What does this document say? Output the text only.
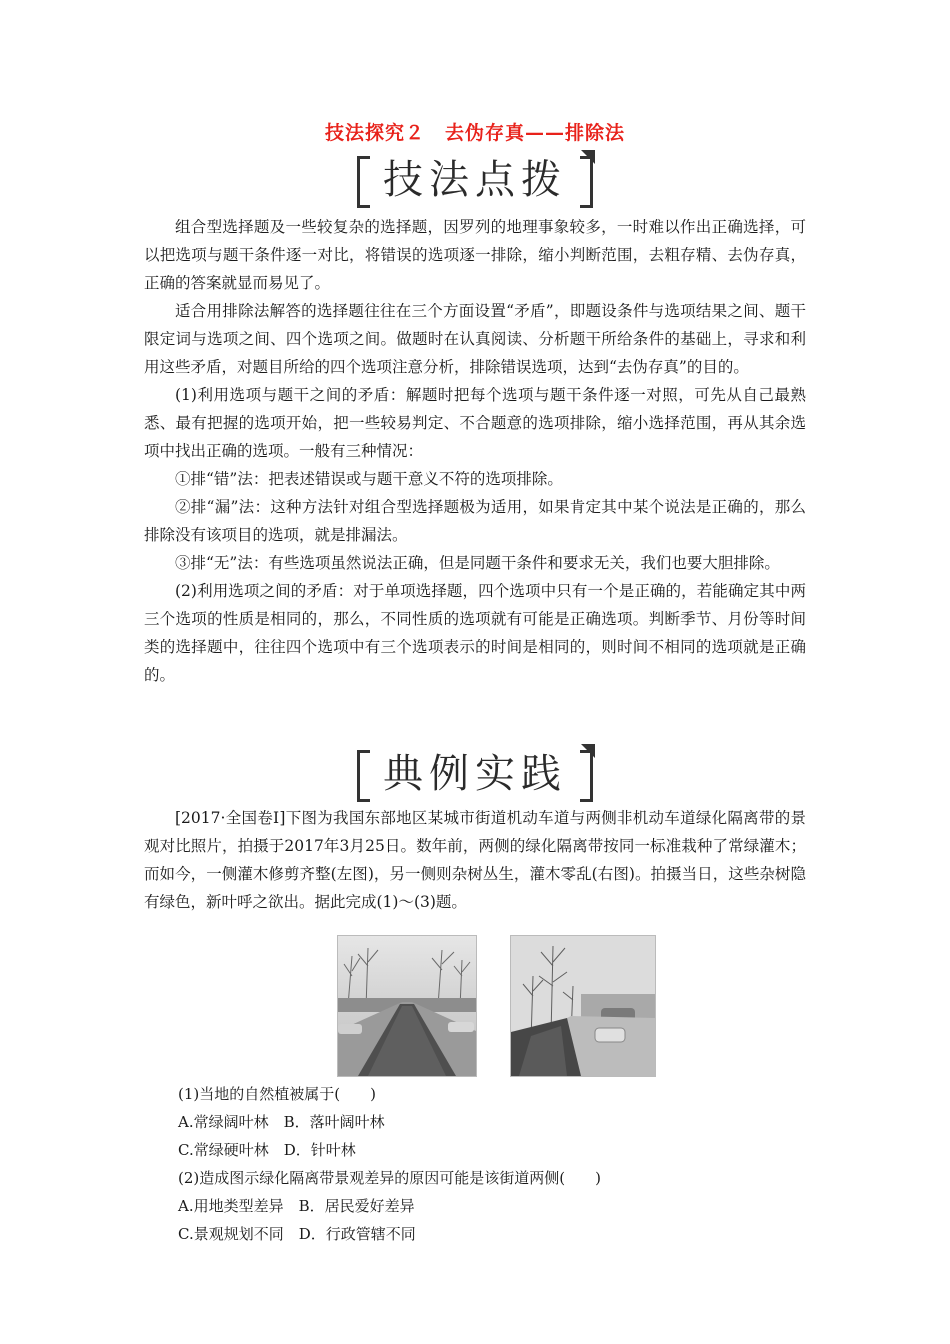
技法探究２　去伪存真——排除法
技法点拨

组合型选择题及一些较复杂的选择题，因罗列的地理事象较多，一时难以作出正确选择，可以把选项与题干条件逐一对比，将错误的选项逐一排除，缩小判断范围，去粗存精、去伪存真，正确的答案就显而易见了。

适合用排除法解答的选择题往往在三个方面设置“矛盾”，即题设条件与选项结果之间、题干限定词与选项之间、四个选项之间。做题时在认真阅读、分析题干所给条件的基础上，寻求和利用这些矛盾，对题目所给的四个选项注意分析，排除错误选项，达到“去伪存真”的目的。

(1)利用选项与题干之间的矛盾：解题时把每个选项与题干条件逐一对照，可先从自己最熟悉、最有把握的选项开始，把一些较易判定、不合题意的选项排除，缩小选择范围，再从其余选项中找出正确的选项。一般有三种情况：

①排“错”法：把表述错误或与题干意义不符的选项排除。

②排“漏”法：这种方法针对组合型选择题极为适用，如果肯定其中某个说法是正确的，那么排除没有该项目的选项，就是排漏法。

③排“无”法：有些选项虽然说法正确，但是同题干条件和要求无关，我们也要大胆排除。

(2)利用选项之间的矛盾：对于单项选择题，四个选项中只有一个是正确的，若能确定其中两三个选项的性质是相同的，那么，不同性质的选项就有可能是正确选项。判断季节、月份等时间类的选择题中，往往四个选项中有三个选项表示的时间是相同的，则时间不相同的选项就是正确的。

典例实践

[2017·全国卷Ⅰ]下图为我国东部地区某城市街道机动车道与两侧非机动车道绿化隔离带的景观对比照片，拍摄于2017年3月25日。数年前，两侧的绿化隔离带按同一标准栽种了常绿灌木；而如今，一侧灌木修剪齐整(左图)，另一侧则杂树丛生，灌木零乱(右图)。拍摄当日，这些杂树隐有绿色，新叶呼之欲出。据此完成(1)～(3)题。

(1)当地的自然植被属于(　　)
A.常绿阔叶林　B．落叶阔叶林
C.常绿硬叶林　D．针叶林
(2)造成图示绿化隔离带景观差异的原因可能是该街道两侧(　　)
A.用地类型差异　B．居民爱好差异
C.景观规划不同　D．行政管辖不同
